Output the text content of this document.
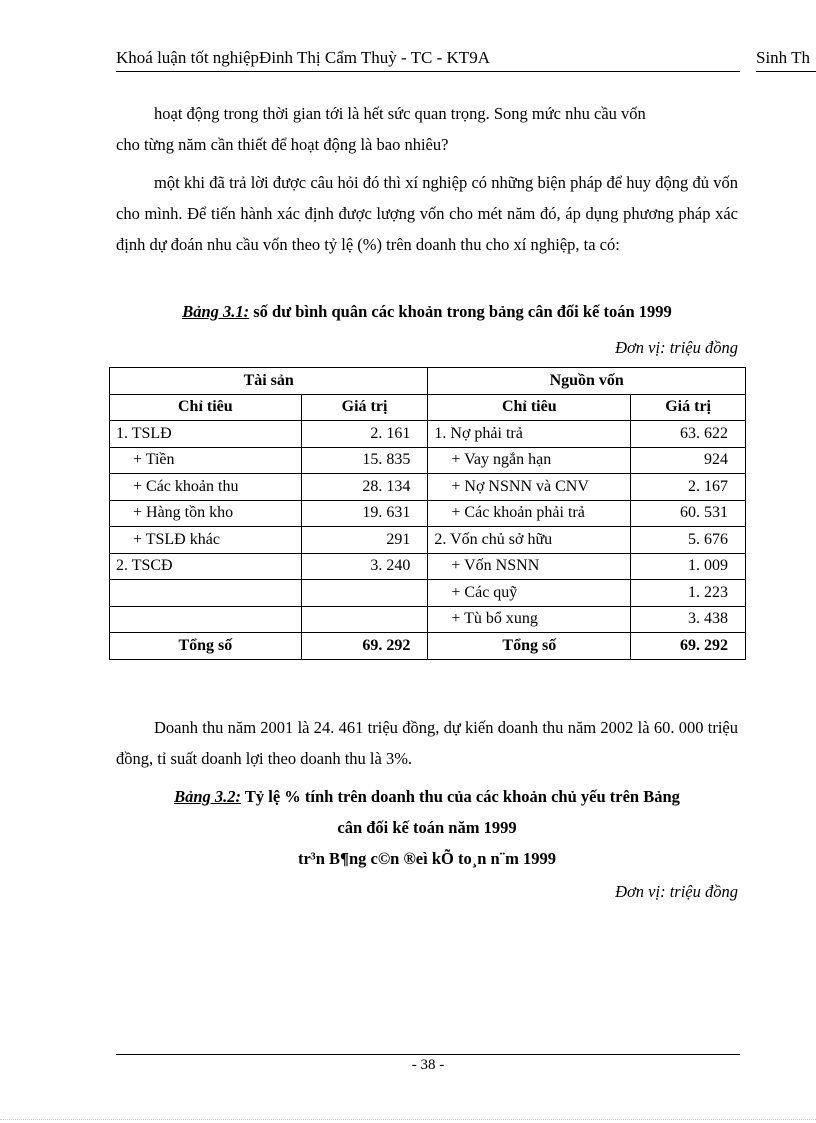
Khoá luận tốt nghiệpĐinh Thị Cẩm Thuỳ - TC - KT9A	Sinh Th
hoạt động trong thời gian tới là hết sức quan trọng. Song mức nhu cầu vốn
cho từng năm cần thiết để hoạt động là bao nhiêu?
một khi đã trả lời được câu hỏi đó thì xí nghiệp có những biện pháp để huy động đủ vốn cho mình. Để tiến hành xác định được lượng vốn cho mét năm đó, áp dụng phương pháp xác định dự đoán nhu cầu vốn theo tỷ lệ (%) trên doanh thu cho xí nghiệp, ta có:
Bảng 3.1: số dư bình quân các khoản trong bảng cân đối kế toán 1999
Đơn vị: triệu đồng
Tài sản		Nguồn vốn	
Chỉ tiêu	Giá trị	Chỉ tiêu	Giá trị
1. TSLĐ	2. 161	1. Nợ phải trả	63. 622
+ Tiền	15. 835	+ Vay ngắn hạn	924
+ Các khoản thu	28. 134	+ Nợ NSNN và CNV	2. 167
+ Hàng tồn kho	19. 631	+ Các khoản phải trả	60. 531
+ TSLĐ khác	291	2. Vốn chủ sở hữu	5. 676
2. TSCĐ	3. 240	+ Vốn NSNN	1. 009
		+ Các quỹ	1. 223
		+ Tù bổ xung	3. 438
Tổng số	69. 292	Tổng số	69. 292
Doanh thu năm 2001 là 24. 461 triệu đồng, dự kiến doanh thu năm 2002 là 60. 000 triệu đồng, tỉ suất doanh lợi theo doanh thu là 3%.
Bảng 3.2: Tỷ lệ % tính trên doanh thu của các khoản chủ yếu trên Bảng
cân đối kế toán năm 1999
tr³n B¶ng c©n ®eì kÕ to¸n n¨m 1999
Đơn vị: triệu đồng
- 38 -
